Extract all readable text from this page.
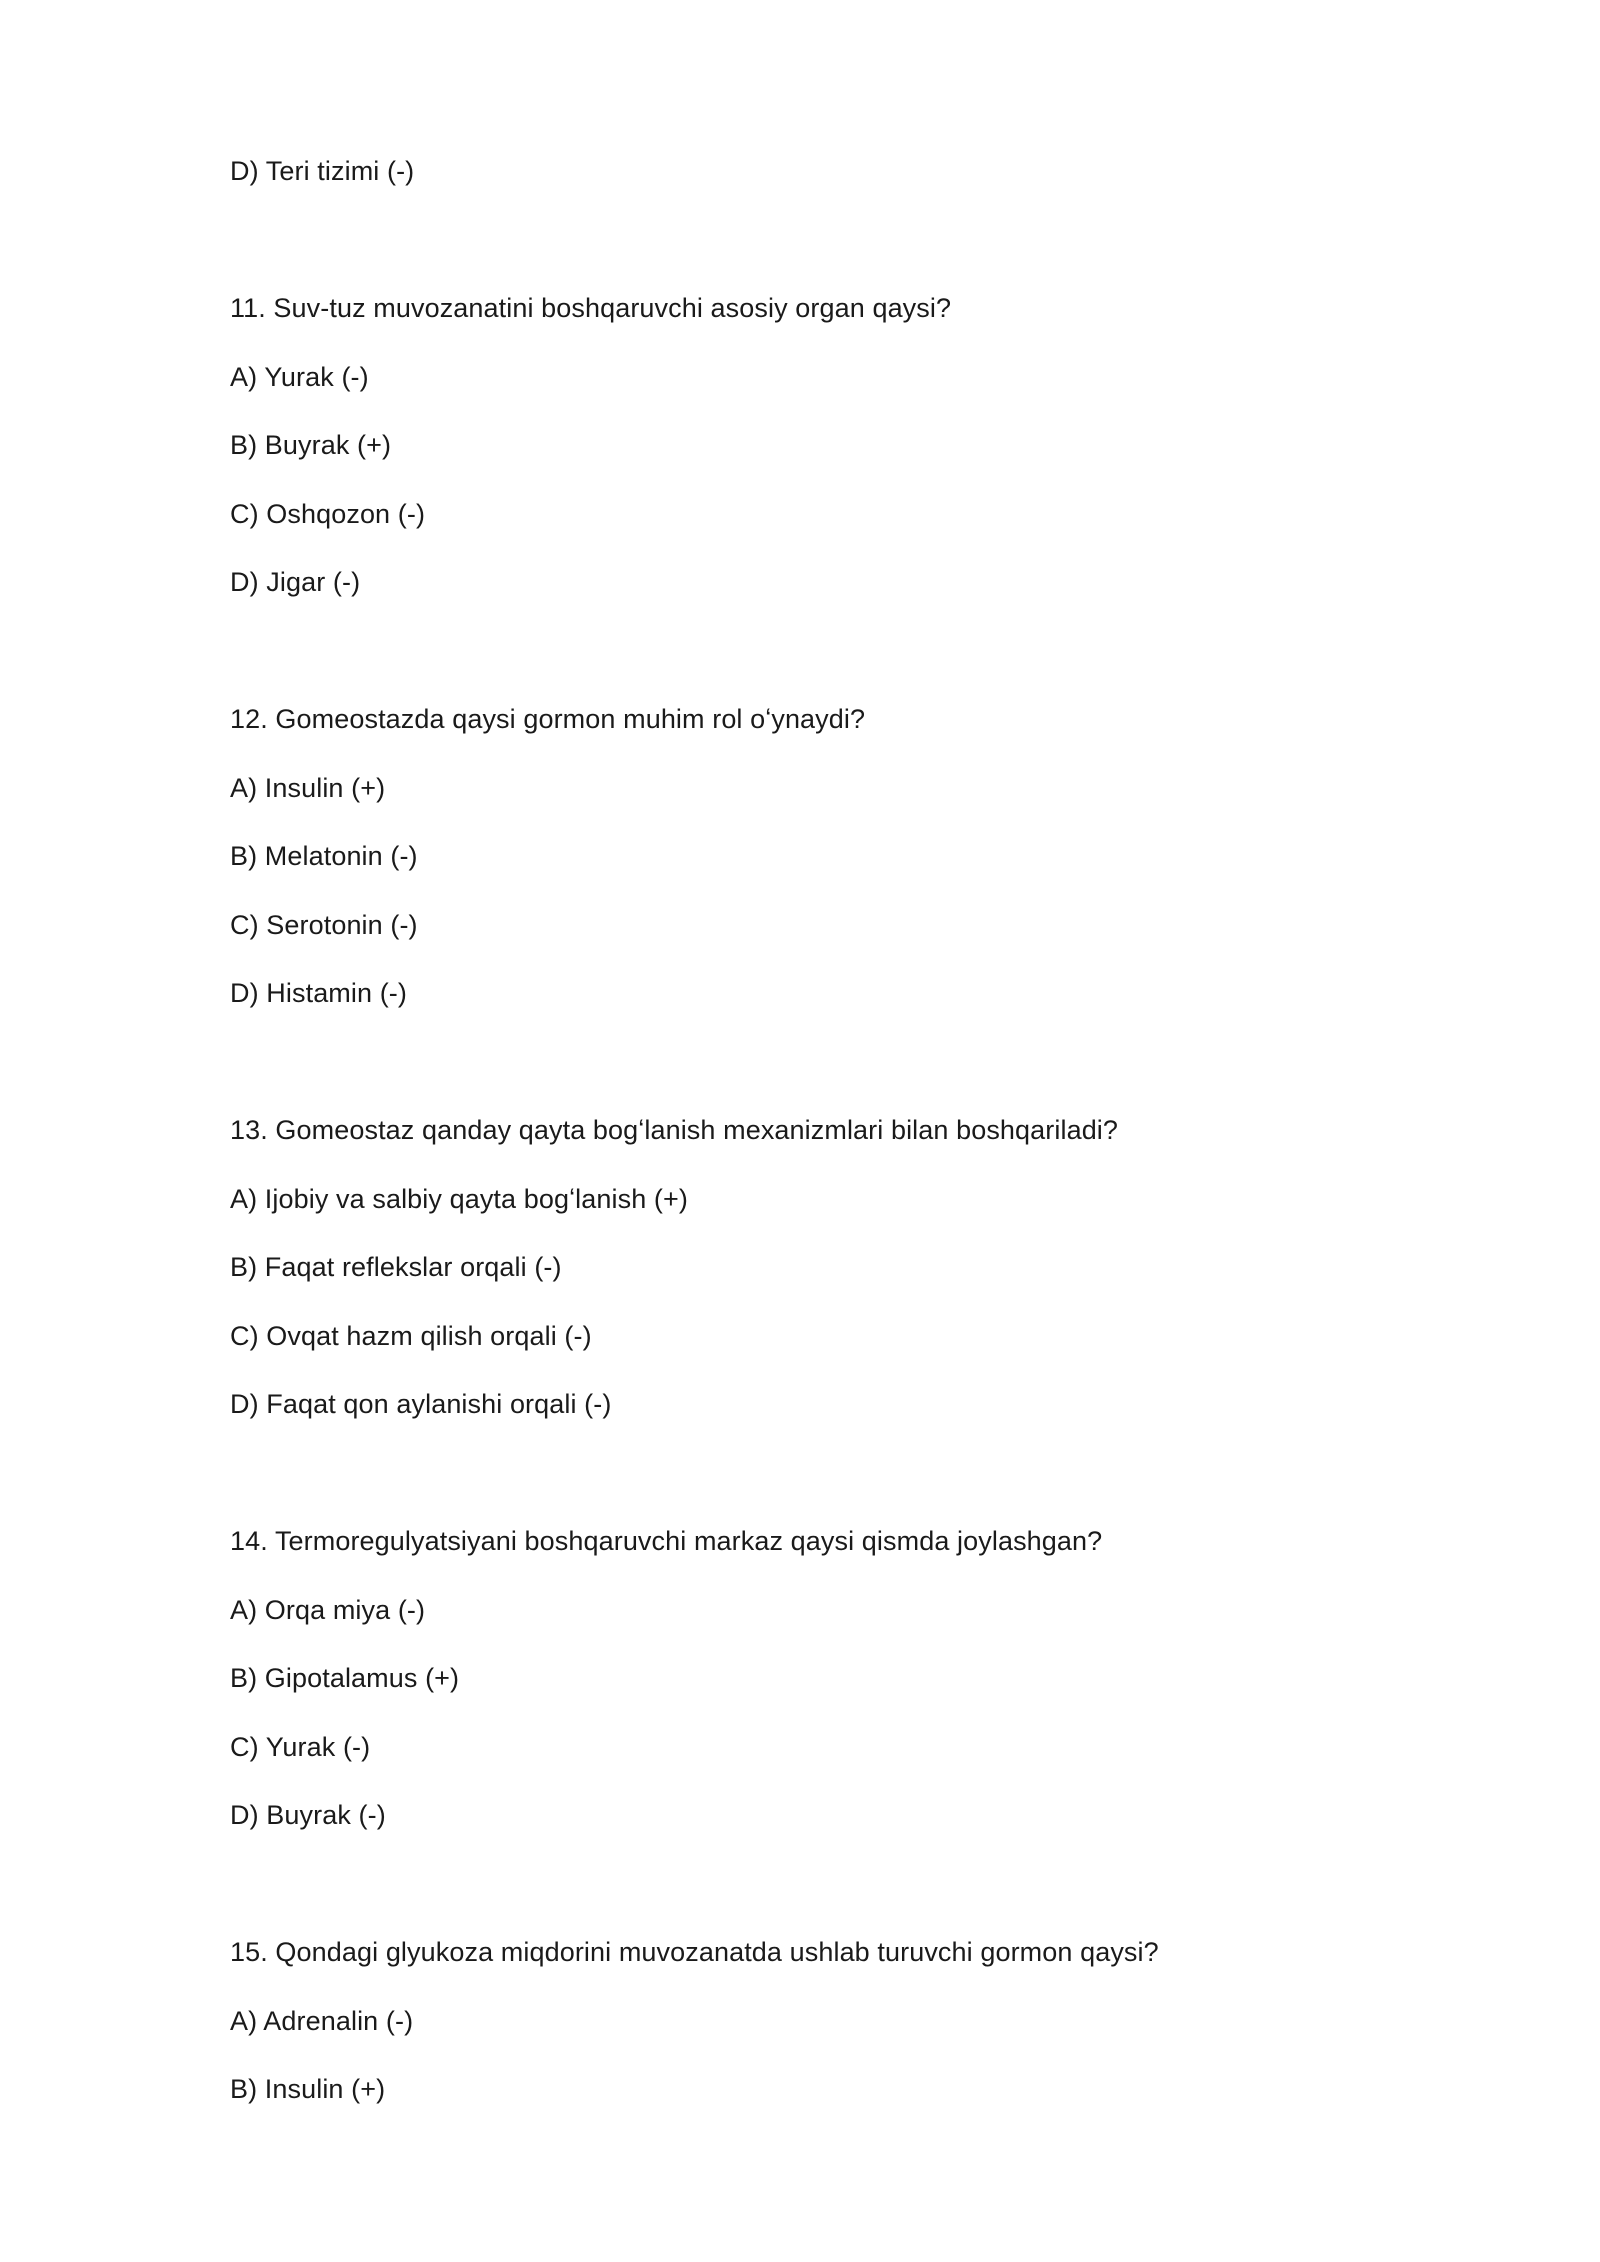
D) Teri tizimi (-)
11. Suv-tuz muvozanatini boshqaruvchi asosiy organ qaysi?
A) Yurak (-)
B) Buyrak (+)
C) Oshqozon (-)
D) Jigar (-)
12. Gomeostazda qaysi gormon muhim rol oʻynaydi?
A) Insulin (+)
B) Melatonin (-)
C) Serotonin (-)
D) Histamin (-)
13. Gomeostaz qanday qayta bogʻlanish mexanizmlari bilan boshqariladi?
A) Ijobiy va salbiy qayta bogʻlanish (+)
B) Faqat reflekslar orqali (-)
C) Ovqat hazm qilish orqali (-)
D) Faqat qon aylanishi orqali (-)
14. Termoregulyatsiyani boshqaruvchi markaz qaysi qismda joylashgan?
A) Orqa miya (-)
B) Gipotalamus (+)
C) Yurak (-)
D) Buyrak (-)
15. Qondagi glyukoza miqdorini muvozanatda ushlab turuvchi gormon qaysi?
A) Adrenalin (-)
B) Insulin (+)
